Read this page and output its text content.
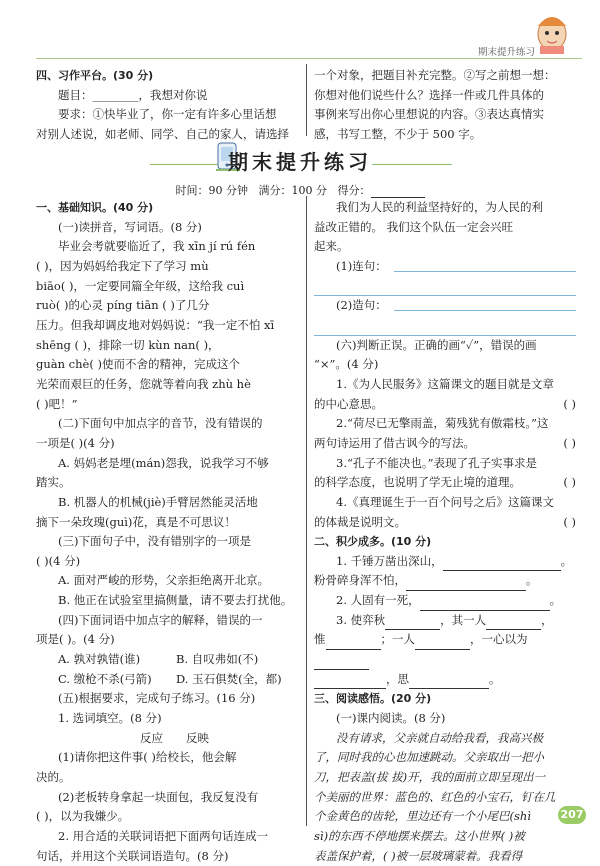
期末提升练习

四、习作平台。(30 分)

题目：________，我想对你说

要求：①快毕业了，你一定有许多心里话想

对别人述说，如老师、同学、自己的家人，请选择

一个对象，把题目补充完整。②写之前想一想：

你想对他们说些什么？选择一件或几件具体的

事例来写出你心里想说的内容。③表达真情实

感，书写工整，不少于 500 字。

期末提升练习
时间：90 分钟 满分：100 分 得分：

一、基础知识。(40 分)

(一)读拼音，写词语。(8 分)

毕业会考就要临近了，我 xīn jí rú fén

( )，因为妈妈给我定下了学习 mù

biāo( )，一定要同篇全年级，这给我 cuì

ruò( )的心灵 píng tiān ( )了几分

压力。但我却调皮地对妈妈说：“我一定不怕 xī

shēng ( )，排除一切 kùn nan( )，

guàn chè( )使而不舍的精神，完成这个

光荣而艰巨的任务，您就等着向我 zhù hè

( )吧！”

(二)下面句中加点字的音节，没有错误的

一项是( )(4 分)

A. 妈妈老是埋(mán)怨我，说我学习不够

踏实。

B. 机器人的机械(jiè)手臂居然能灵活地

摘下一朵玫瑰(guì)花，真是不可思议！

(三)下面句子中，没有错别字的一项是

( )(4 分)

A. 面对严峻的形势，父亲拒绝离开北京。

B. 他正在试验室里搞侧量，请不要去打扰他。

(四)下面词语中加点字的解释，错误的一

项是( )。(4 分)

A. 孰对孰错(谁)	B. 自叹弗如(不)

C. 缴枪不杀(弓箭) D. 玉石俱焚(全，都)

(五)根据要求，完成句子练习。(16 分)

1. 选词填空。(8 分)

反应 反映

(1)请你把这件事( )给校长，他会解

决的。

(2)老板转身拿起一块面包，我反复没有

( )，以为我嫌少。

2. 用合适的关联词语把下面两句话连成一

句话，并用这个关联词语造句。(8 分)

我们为人民的利益坚持好的，为人民的利

益改正错的。 我们这个队伍一定会兴旺

起来。

(1)连句：

(2)造句：

(六)判断正误。正确的画“✓”，错误的画

“×”。(4 分)

1.《为人民服务》这篇课文的题目就是文章

的中心意思。	( )

2.“荷尽已无擎雨盖，菊残犹有傲霜枝。”这

两句诗运用了借古讽今的写法。	( )

3.“孔子不能决也。”表现了孔子实事求是

的科学态度，也说明了学无止境的道理。	( )

4.《真理诞生于一百个问号之后》这篇课文

的体裁是说明文。	( )

二、积少成多。(10 分)

1. 千锤万凿出深山，	。

粉骨碎身浑不怕，	。

2. 人固有一死，	。

3. 使弈秋	，其一人	，

惟	；一人	，一心以为

，思	。

三、阅读感悟。(20 分)

(一)课内阅读。(8 分)

没有请求，父亲就自动给我看，我高兴极

了，同时我的心也加速跳动。父亲取出一把小

刀，把表盖(拔 拔)开，我的面前立即呈现出一

个美丽的世界：蓝色的、红色的小宝石，钉在几

个金黄色的齿轮，里边还有一个小尾巴(shì

sì)的东西不停地摆来摆去。这小世界( )被

表盖保护着，( )被一层玻璃蒙着。我看得

207
